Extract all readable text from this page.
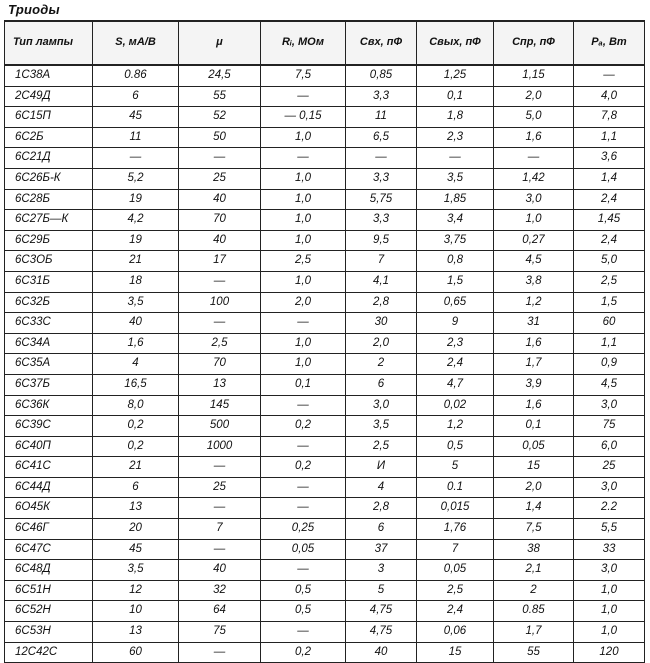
Триоды
Тип лампы	S, мА/В	μ	Rᵢ, МОм	Cвх, пФ	Cвых, пФ	Cпр, пФ	Pₐ, Вт
1С38А	0.86	24,5	7,5	0,85	1,25	1,15	—
2С49Д	6	55	—	3,3	0,1	2,0	4,0
6С15П	45	52	— 0,15	11	1,8	5,0	7,8
6С2Б	11	50	1,0	6,5	2,3	1,6	1,1
6С21Д	—	—	—	—	—	—	3,6
6С26Б-К	5,2	25	1,0	3,3	3,5	1,42	1,4
6С28Б	19	40	1,0	5,75	1,85	3,0	2,4
6С27Б—К	4,2	70	1,0	3,3	3,4	1,0	1,45
6С29Б	19	40	1,0	9,5	3,75	0,27	2,4
6С3ОБ	21	17	2,5	7	0,8	4,5	5,0
6С31Б	18	—	1,0	4,1	1,5	3,8	2,5
6С32Б	3,5	100	2,0	2,8	0,65	1,2	1,5
6С33С	40	—	—	30	9	31	60
6С34А	1,6	2,5	1,0	2,0	2,3	1,6	1,1
6С35А	4	70	1,0	2	2,4	1,7	0,9
6С37Б	16,5	13	0,1	6	4,7	3,9	4,5
6С36К	8,0	145	—	3,0	0,02	1,6	3,0
6С39С	0,2	500	0,2	3,5	1,2	0,1	75
6С40П	0,2	1000	—	2,5	0,5	0,05	6,0
6С41С	21	—	0,2	И	5	15	25
6С44Д	6	25	—	4	0.1	2,0	3,0
6О45К	13	—	—	2,8	0,015	1,4	2.2
6С46Г	20	7	0,25	6	1,76	7,5	5,5
6С47С	45	—	0,05	37	7	38	33
6С48Д	3,5	40	—	3	0,05	2,1	3,0
6С51Н	12	32	0,5	5	2,5	2	1,0
6С52Н	10	64	0,5	4,75	2,4	0.85	1,0
6С53Н	13	75	—	4,75	0,06	1,7	1,0
12С42С	60	—	0,2	40	15	55	120
